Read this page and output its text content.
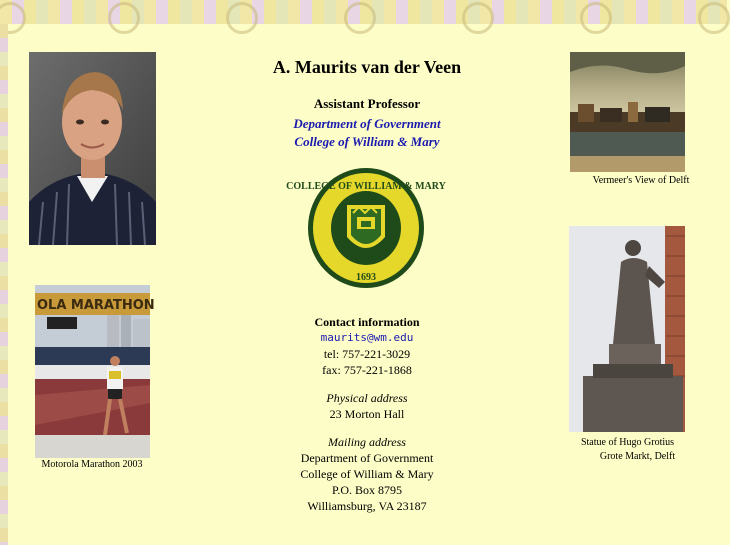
OLA MARATHON
Motorola Marathon 2003
Vermeer's View of Delft
Statue of Hugo Grotius
Grote Markt, Delft
A. Maurits van der Veen
Assistant Professor
Department of Government
College of William & Mary
COLLEGE OF WILLIAM & MARY
1693
Contact information
maurits@wm.edu
tel: 757-221-3029
fax: 757-221-1868
Physical address
23 Morton Hall
Mailing address
Department of Government
College of William & Mary
P.O. Box 8795
Williamsburg, VA 23187
